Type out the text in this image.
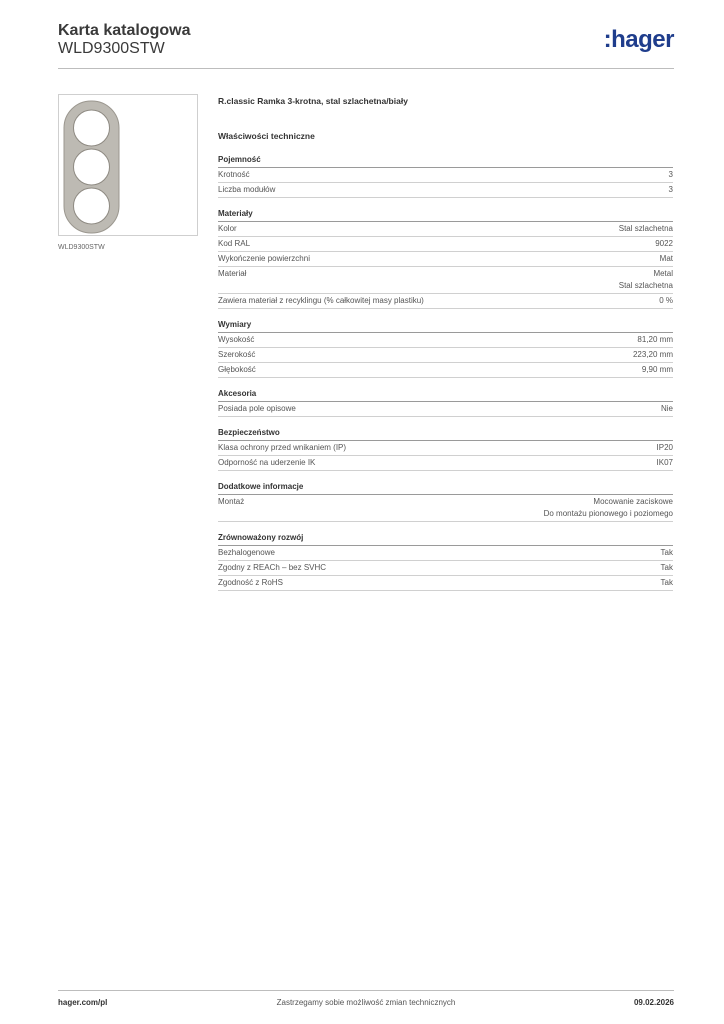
Karta katalogowa
WLD9300STW	:hager
WLD9300STW
R.classic Ramka 3-krotna, stal szlachetna/biały
Właściwości techniczne
Pojemność
Krotność	3
Liczba modułów	3
Materiały
Kolor	Stal szlachetna
Kod RAL	9022
Wykończenie powierzchni	Mat
Materiał	Metal
Stal szlachetna
Zawiera materiał z recyklingu (% całkowitej masy plastiku)	0 %
Wymiary
Wysokość	81,20 mm
Szerokość	223,20 mm
Głębokość	9,90 mm
Akcesoria
Posiada pole opisowe	Nie
Bezpieczeństwo
Klasa ochrony przed wnikaniem (IP)	IP20
Odporność na uderzenie IK	IK07
Dodatkowe informacje
Montaż	Mocowanie zaciskowe
Do montażu pionowego i poziomego
Zrównoważony rozwój
Bezhalogenowe	Tak
Zgodny z REACh – bez SVHC	Tak
Zgodność z RoHS	Tak
hager.com/pl	Zastrzegamy sobie możliwość zmian technicznych	09.02.2026
